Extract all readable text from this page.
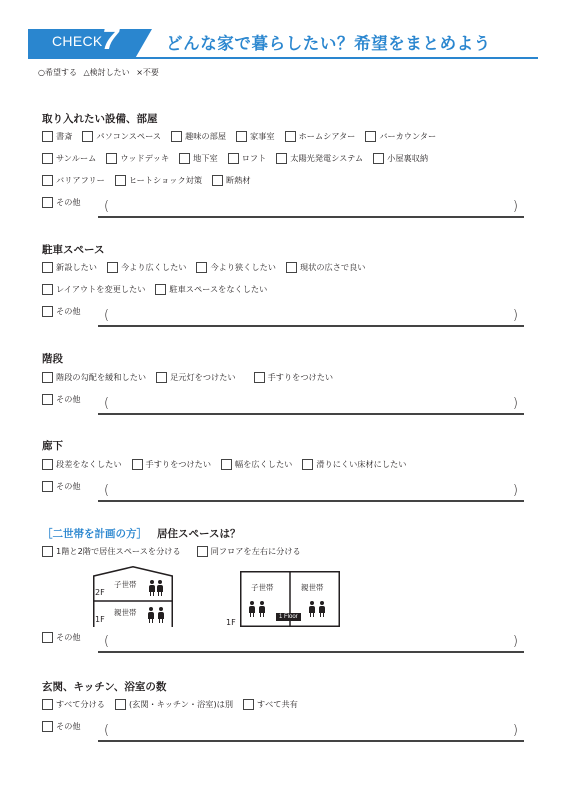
CHECK 7	どんな家で暮らしたい？希望をまとめよう
○希望する △検討したい ×不要
取り入れたい設備、部屋
書斎	パソコンスペース	趣味の部屋	家事室	ホームシアター	バーカウンター
サンルーム	ウッドデッキ	地下室	ロフト	太陽光発電システム	小屋裏収納
バリアフリー	ヒートショック対策	断熱材
その他 (	)
駐車スペース
新設したい	今より広くしたい	今より狭くしたい	現状の広さで良い
レイアウトを変更したい	駐車スペースをなくしたい
その他 (	)
階段
階段の勾配を緩和したい	足元灯をつけたい	手すりをつけたい
その他 (	)
廊下
段差をなくしたい	手すりをつけたい	幅を広くしたい	滑りにくい床材にしたい
その他 (	)
［二世帯を計画の方］ 居住スペースは？
1階と2階で居住スペースを分ける	同フロアを左右に分ける
子世帯
親世帯
2F
1F
子世帯	親世帯
1 Floor
1F
その他 (	)
玄関、キッチン、浴室の数
すべて分ける	(玄関・キッチン・浴室)は別	すべて共有
その他 (	)
